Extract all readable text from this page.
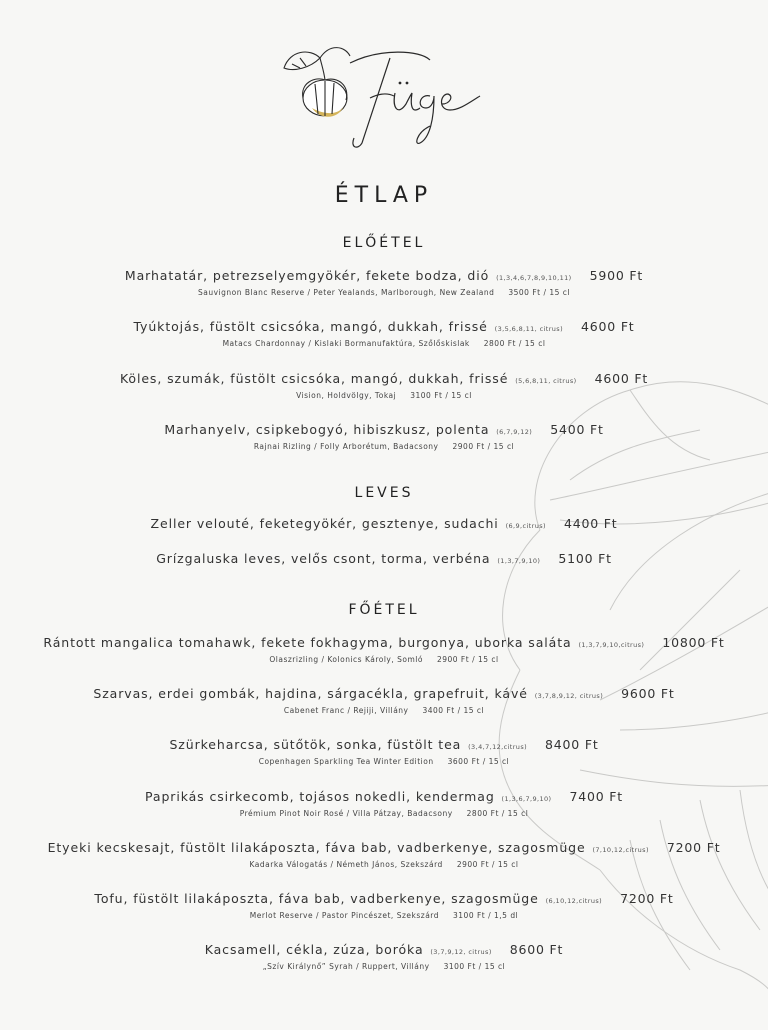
ÉTLAP
ELŐÉTEL
Marhatatár, petrezselyemgyökér, fekete bodza, dió (1,3,4,6,7,8,9,10,11) 5900 Ft
Sauvignon Blanc Reserve / Peter Yealands, Marlborough, New Zealand 3500 Ft / 15 cl
Tyúktojás, füstölt csicsóka, mangó, dukkah, frissé (3,5,6,8,11, citrus) 4600 Ft
Matacs Chardonnay / Kislaki Bormanufaktúra, Szőlőskislak 2800 Ft / 15 cl
Köles, szumák, füstölt csicsóka, mangó, dukkah, frissé (5,6,8,11, citrus) 4600 Ft
Vision, Holdvölgy, Tokaj 3100 Ft / 15 cl
Marhanyelv, csipkebogyó, hibiszkusz, polenta (6,7,9,12) 5400 Ft
Rajnai Rizling / Folly Arborétum, Badacsony 2900 Ft / 15 cl
LEVES
Zeller velouté, feketegyökér, gesztenye, sudachi (6,9,citrus) 4400 Ft
Grízgaluska leves, velős csont, torma, verbéna (1,3,7,9,10) 5100 Ft
FŐÉTEL
Rántott mangalica tomahawk, fekete fokhagyma, burgonya, uborka saláta (1,3,7,9,10,citrus) 10800 Ft
Olaszrizling / Kolonics Károly, Somló 2900 Ft / 15 cl
Szarvas, erdei gombák, hajdina, sárgacékla, grapefruit, kávé (3,7,8,9,12, citrus) 9600 Ft
Cabenet Franc / Rejiji, Villány 3400 Ft / 15 cl
Szürkeharcsa, sütőtök, sonka, füstölt tea (3,4,7,12,citrus) 8400 Ft
Copenhagen Sparkling Tea Winter Edition 3600 Ft / 15 cl
Paprikás csirkecomb, tojásos nokedli, kendermag (1,3,6,7,9,10) 7400 Ft
Prémium Pinot Noir Rosé / Villa Pátzay, Badacsony 2800 Ft / 15 cl
Etyeki kecskesajt, füstölt lilakáposzta, fáva bab, vadberkenye, szagosmüge (7,10,12,citrus) 7200 Ft
Kadarka Válogatás / Németh János, Szekszárd 2900 Ft / 15 cl
Tofu, füstölt lilakáposzta, fáva bab, vadberkenye, szagosmüge (6,10,12,citrus) 7200 Ft
Merlot Reserve / Pastor Pincészet, Szekszárd 3100 Ft / 1,5 dl
Kacsamell, cékla, zúza, boróka (3,7,9,12, citrus) 8600 Ft
„Szív Királynő” Syrah / Ruppert, Villány 3100 Ft / 15 cl
